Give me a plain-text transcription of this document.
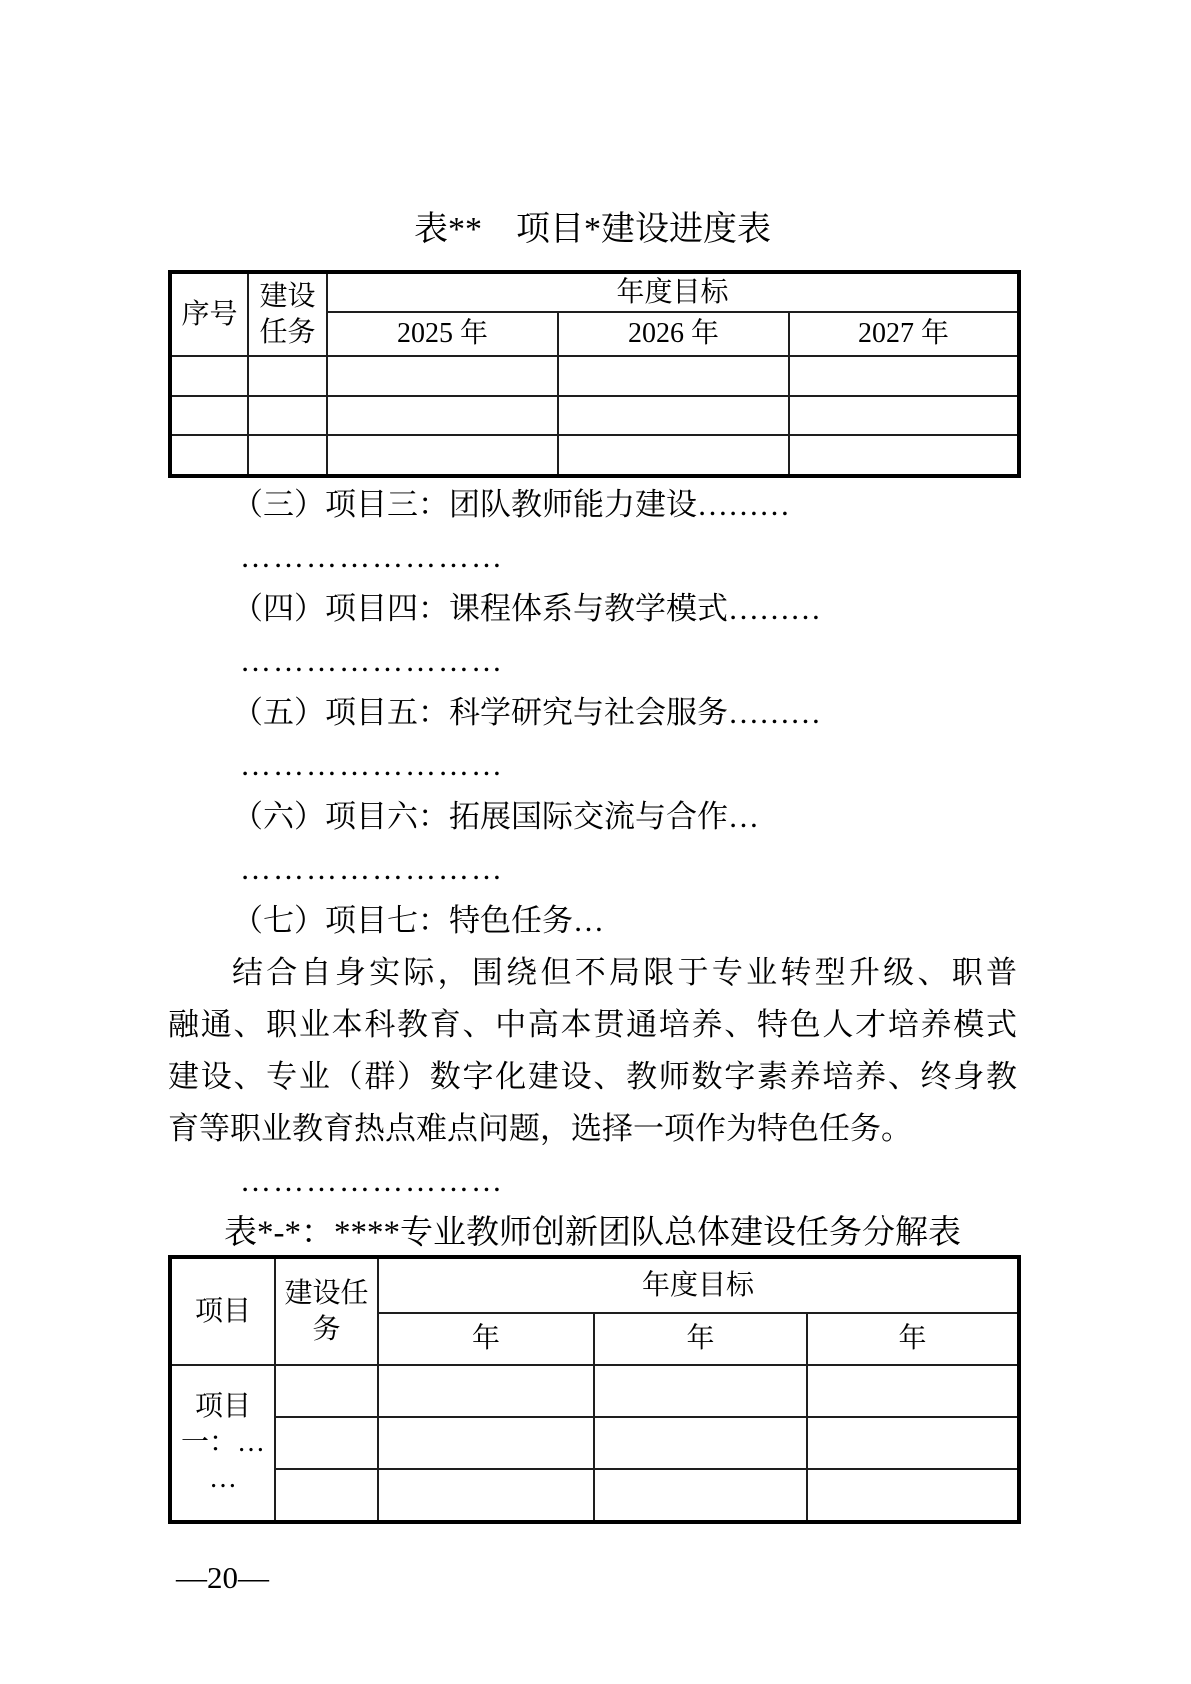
表**　项目*建设进度表
序号	建设任务	年度目标		
		2025 年	2026 年	2027 年

（三）项目三：团队教师能力建设………
……………………
（四）项目四：课程体系与教学模式………
……………………
（五）项目五：科学研究与社会服务………
……………………
（六）项目六：拓展国际交流与合作…
……………………
（七）项目七：特色任务…
结合自身实际，围绕但不局限于专业转型升级、职普
融通、职业本科教育、中高本贯通培养、特色人才培养模式
建设、专业（群）数字化建设、教师数字素养培养、终身教
育等职业教育热点难点问题，选择一项作为特色任务。
……………………
表*-*：****专业教师创新团队总体建设任务分解表
项目	建设任务	年度目标		
		年	年	年

项目
一：…
…				

—20—
